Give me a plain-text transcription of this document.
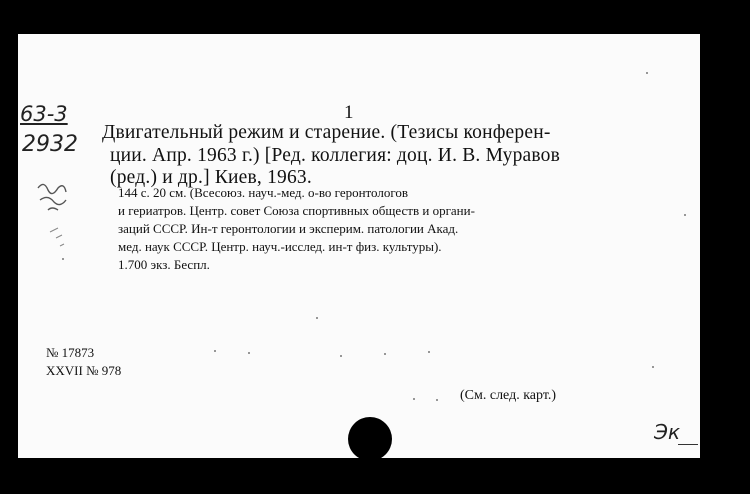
63-3
2932
1
Двигательный режим и старение. (Тезисы конферен-
ции. Апр. 1963 г.) [Ред. коллегия: доц. И. В. Муравов
(ред.) и др.] Киев, 1963.
144 с. 20 см. (Всесоюз. науч.-мед. о-во геронтологов
и гериатров. Центр. совет Союза спортивных обществ и органи-
заций СССР. Ин-т геронтологии и эксперим. патологии Акад.
мед. наук СССР. Центр. науч.-исслед. ин-т физ. культуры).
1.700 экз. Беспл.
№ 17873
XXVII № 978
(См. след. карт.)
Эк
